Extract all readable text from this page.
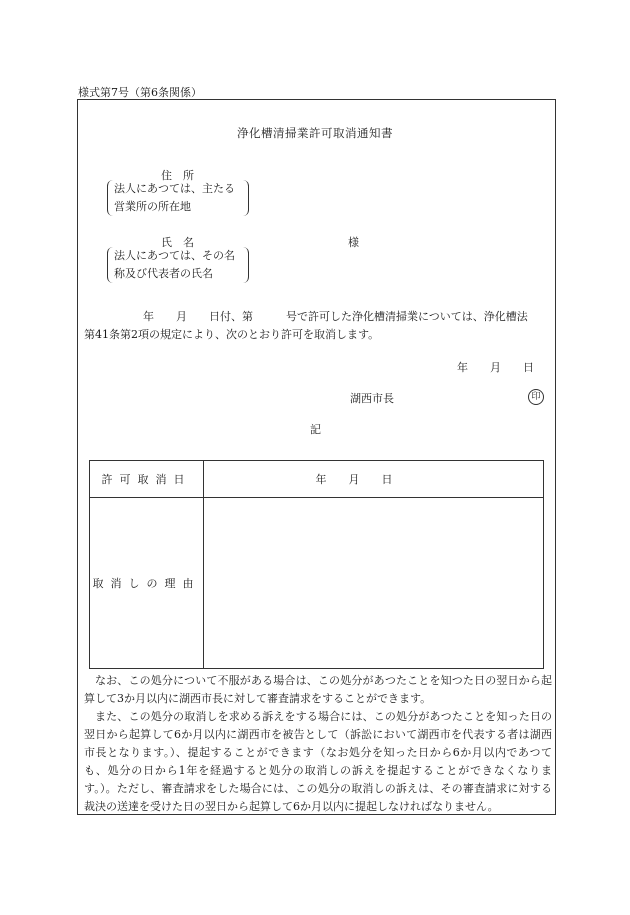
様式第7号（第6条関係）
浄化槽清掃業許可取消通知書
住　所
法人にあつては、主たる
営業所の所在地
氏　名	様
法人にあつては、その名
称及び代表者の氏名
年　　月　　日付、第　　　号で許可した浄化槽清掃業については、浄化槽法
第41条第2項の規定により、次のとおり許可を取消します。
年　　月　　日
湖西市長	印
記
許可取消日	年　　月　　日
取消しの理由	

なお、この処分について不服がある場合は、この処分があつたことを知つた日の翌日から起算して3か月以内に湖西市長に対して審査請求をすることができます。

また、この処分の取消しを求める訴えをする場合には、この処分があつたことを知った日の翌日から起算して6か月以内に湖西市を被告として（訴訟において湖西市を代表する者は湖西市長となります。）、提起することができます（なお処分を知った日から6か月以内であつても、処分の日から1年を経過すると処分の取消しの訴えを提起することができなくなります。）。ただし、審査請求をした場合には、この処分の取消しの訴えは、その審査請求に対する裁決の送達を受けた日の翌日から起算して6か月以内に提起しなければなりません。
